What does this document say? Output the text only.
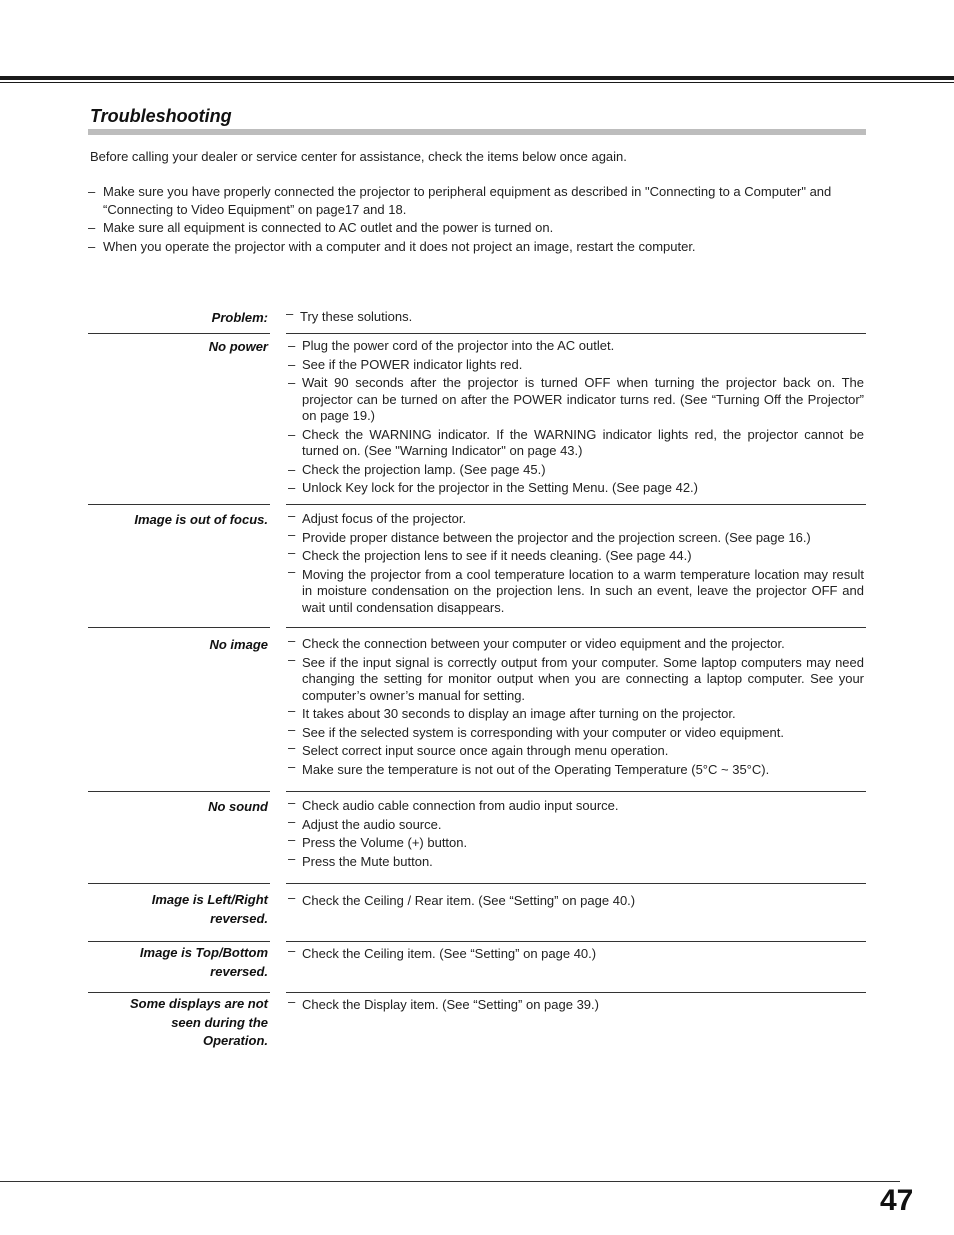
Troubleshooting
Before calling your dealer or service center for assistance, check the items below once again.
– Make sure you have properly connected the projector to peripheral equipment as described in "Connecting to a Computer" and “Connecting to Video Equipment” on page17 and 18.
– Make sure all equipment is connected to AC outlet and the power is turned on.
– When you operate the projector with a computer and it does not project an image, restart the computer.
Problem: – Try these solutions.
No power – Plug the power cord of the projector into the AC outlet.
– See if the POWER indicator lights red.
– Wait 90 seconds after the projector is turned OFF when turning the projector back on. The projector can be turned on after the POWER indicator turns red. (See “Turning Off the Projector” on page 19.)
– Check the WARNING indicator. If the WARNING indicator lights red, the projector cannot be turned on. (See "Warning Indicator" on page 43.)
– Check the projection lamp. (See page 45.)
– Unlock Key lock for the projector in the Setting Menu. (See page 42.)
Image is out of focus. – Adjust focus of the projector.
– Provide proper distance between the projector and the projection screen. (See page 16.)
– Check the projection lens to see if it needs cleaning. (See page 44.)
– Moving the projector from a cool temperature location to a warm temperature location may result in moisture condensation on the projection lens. In such an event, leave the projector OFF and wait until condensation disappears.
No image – Check the connection between your computer or video equipment and the projector.
– See if the input signal is correctly output from your computer. Some laptop computers may need changing the setting for monitor output when you are connecting a laptop computer. See your computer’s owner’s manual for setting.
– It takes about 30 seconds to display an image after turning on the projector.
– See if the selected system is corresponding with your computer or video equipment.
– Select correct input source once again through menu operation.
– Make sure the temperature is not out of the Operating Temperature (5°C ~ 35°C).
No sound – Check audio cable connection from audio input source.
– Adjust the audio source.
– Press the Volume (+) button.
– Press the Mute button.
Image is Left/Right
reversed.
– Check the Ceiling / Rear item. (See “Setting” on page 40.)
Image is Top/Bottom
reversed.
– Check the Ceiling item. (See “Setting” on page 40.)
Some displays are not
seen during the
Operation.
– Check the Display item. (See “Setting” on page 39.)
47
